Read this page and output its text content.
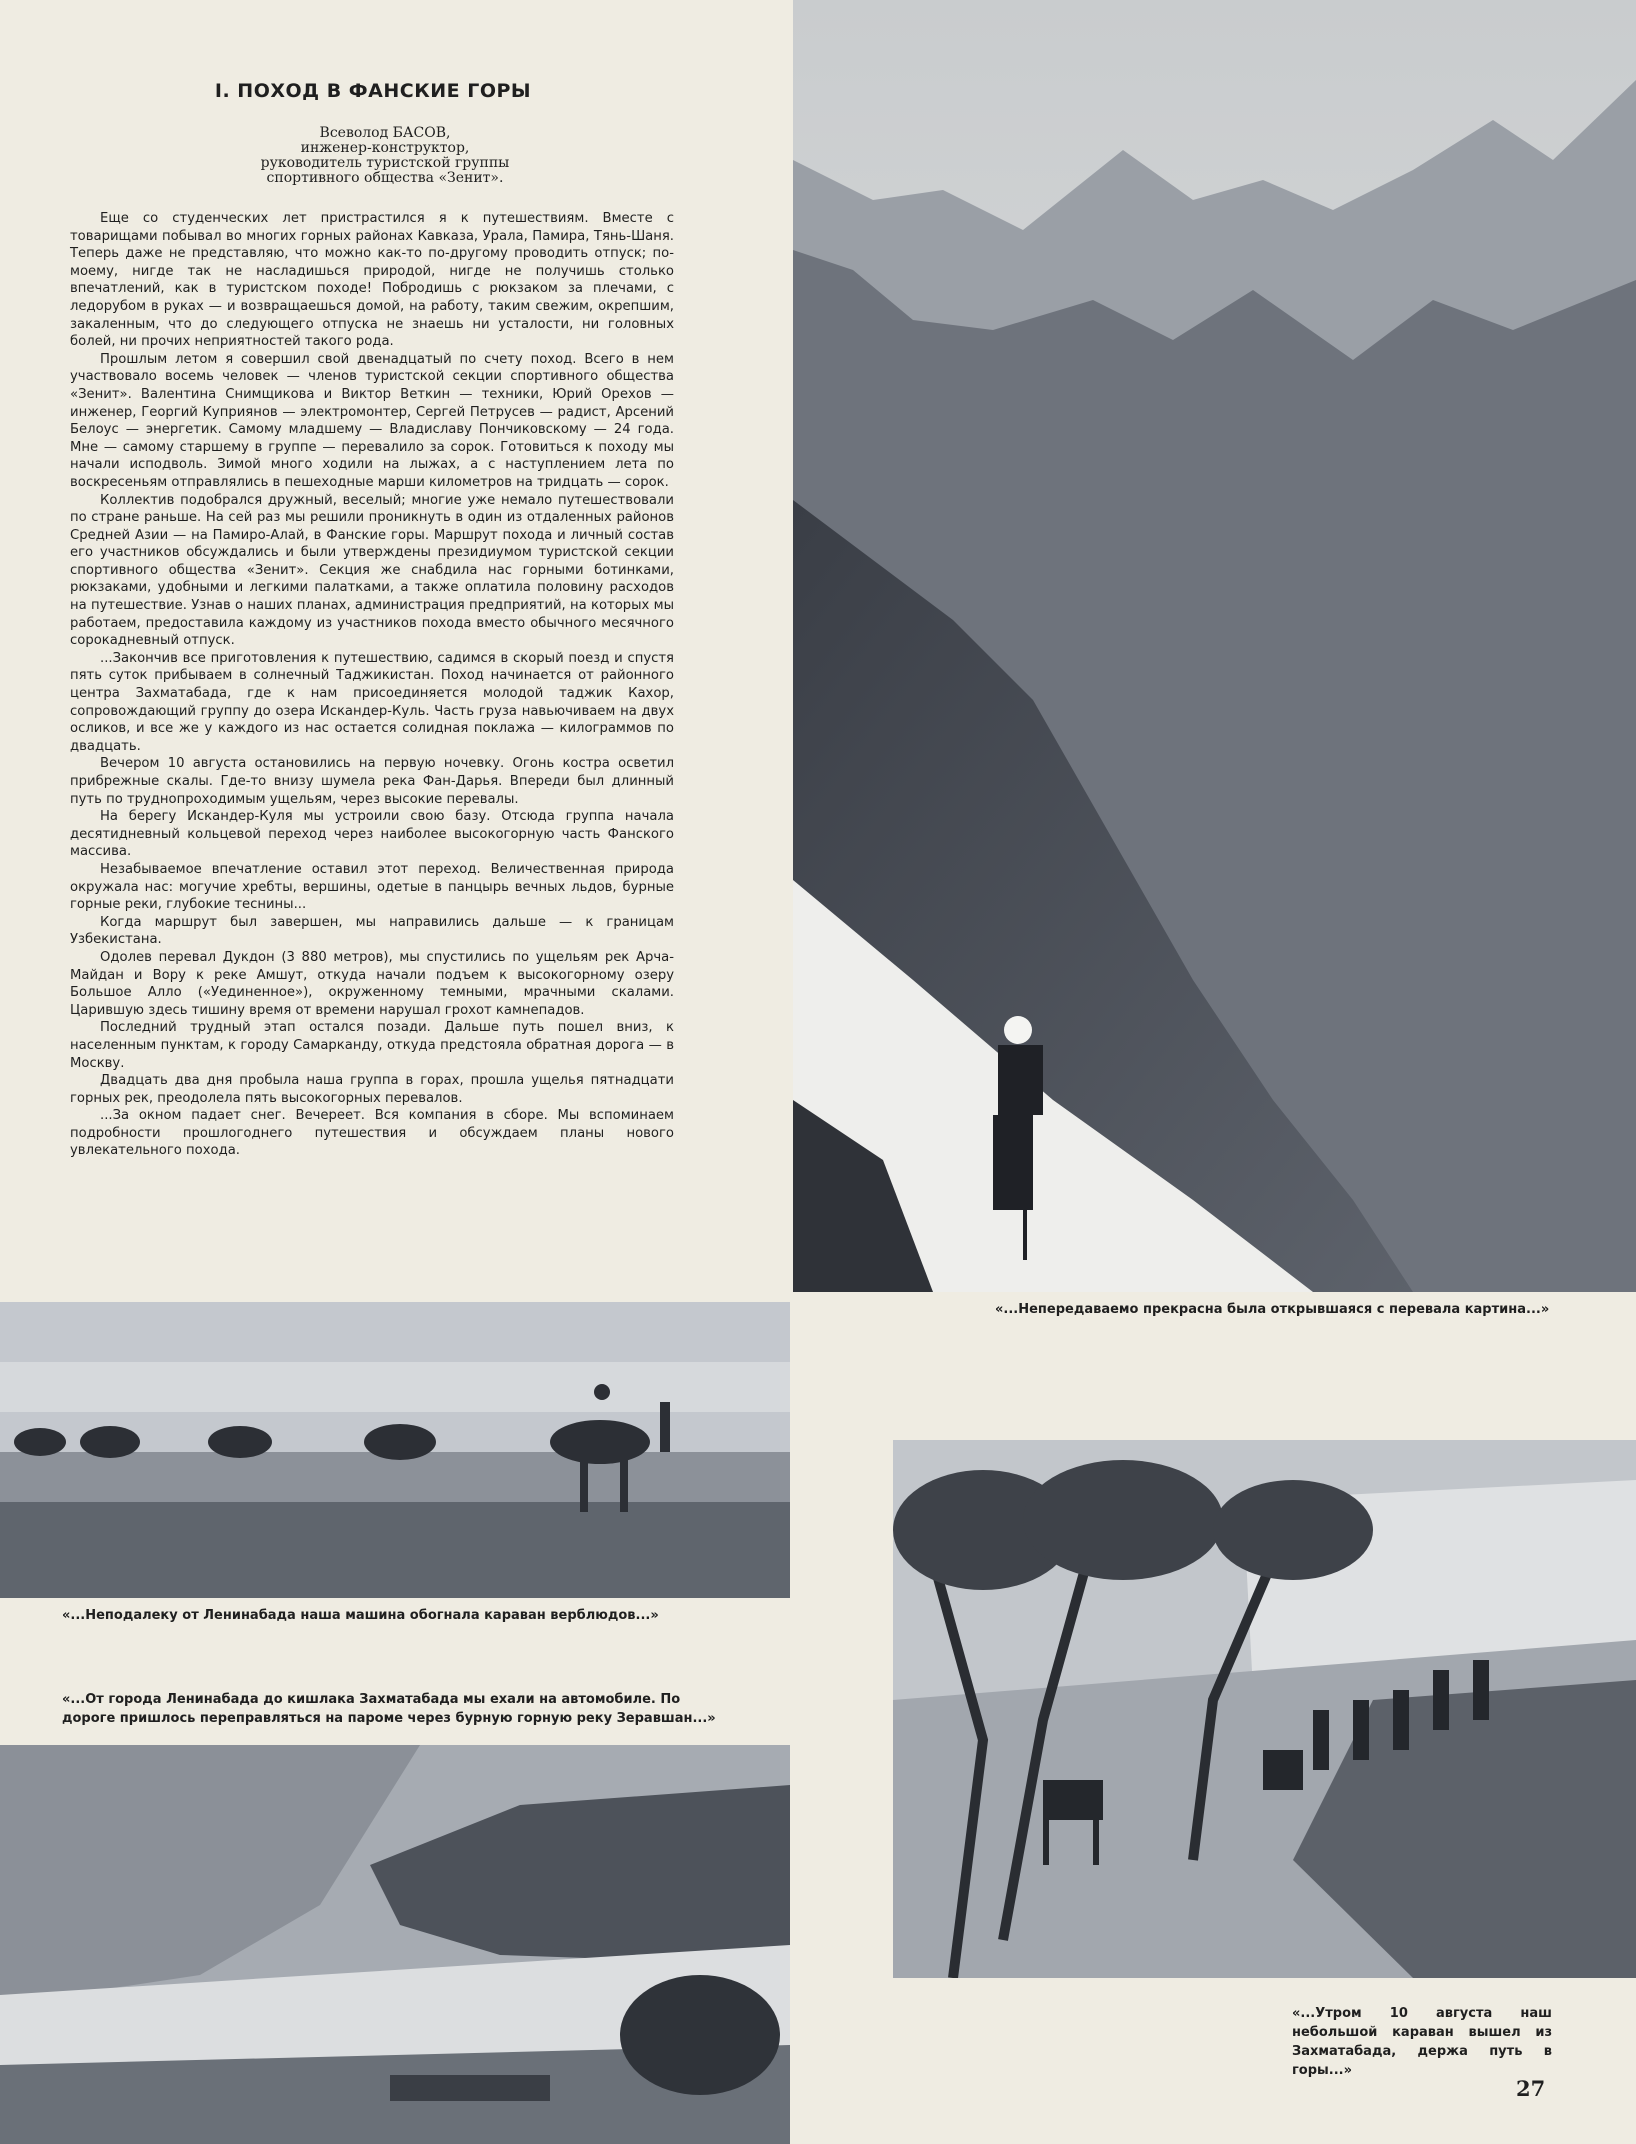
I. ПОХОД В ФАНСКИЕ ГОРЫ
Всеволод БАСОВ,
инженер-конструктор,
руководитель туристской группы
спортивного общества «Зенит».

Еще со студенческих лет пристрастился я к путешествиям. Вместе с товарищами побывал во многих горных районах Кавказа, Урала, Памира, Тянь-Шаня. Теперь даже не представляю, что можно как-то по-другому проводить отпуск; по-моему, нигде так не насладишься природой, нигде не получишь столько впечатлений, как в туристском походе! Побродишь с рюкзаком за плечами, с ледорубом в руках — и возвращаешься домой, на работу, таким свежим, окрепшим, закаленным, что до следующего отпуска не знаешь ни усталости, ни головных болей, ни прочих неприятностей такого рода.

Прошлым летом я совершил свой двенадцатый по счету поход. Всего в нем участвовало восемь человек — членов туристской секции спортивного общества «Зенит». Валентина Снимщикова и Виктор Веткин — техники, Юрий Орехов — инженер, Георгий Куприянов — электромонтер, Сергей Петрусев — радист, Арсений Белоус — энергетик. Самому младшему — Владиславу Пончиковскому — 24 года. Мне — самому старшему в группе — перевалило за сорок. Готовиться к походу мы начали исподволь. Зимой много ходили на лыжах, а с наступлением лета по воскресеньям отправлялись в пешеходные марши километров на тридцать — сорок.

Коллектив подобрался дружный, веселый; многие уже немало путешествовали по стране раньше. На сей раз мы решили проникнуть в один из отдаленных районов Средней Азии — на Памиро-Алай, в Фанские горы. Маршрут похода и личный состав его участников обсуждались и были утверждены президиумом туристской секции спортивного общества «Зенит». Секция же снабдила нас горными ботинками, рюкзаками, удобными и легкими палатками, а также оплатила половину расходов на путешествие. Узнав о наших планах, администрация предприятий, на которых мы работаем, предоставила каждому из участников похода вместо обычного месячного сорокадневный отпуск.

...Закончив все приготовления к путешествию, садимся в скорый поезд и спустя пять суток прибываем в солнечный Таджикистан. Поход начинается от районного центра Захматабада, где к нам присоединяется молодой таджик Кахор, сопровождающий группу до озера Искандер-Куль. Часть груза навьючиваем на двух осликов, и все же у каждого из нас остается солидная поклажа — килограммов по двадцать.

Вечером 10 августа остановились на первую ночевку. Огонь костра осветил прибрежные скалы. Где-то внизу шумела река Фан-Дарья. Впереди был длинный путь по труднопроходимым ущельям, через высокие перевалы.

На берегу Искандер-Куля мы устроили свою базу. Отсюда группа начала десятидневный кольцевой переход через наиболее высокогорную часть Фанского массива.

Незабываемое впечатление оставил этот переход. Величественная природа окружала нас: могучие хребты, вершины, одетые в панцырь вечных льдов, бурные горные реки, глубокие теснины...

Когда маршрут был завершен, мы направились дальше — к границам Узбекистана.

Одолев перевал Дукдон (3 880 метров), мы спустились по ущельям рек Арча-Майдан и Вору к реке Амшут, откуда начали подъем к высокогорному озеру Большое Алло («Уединенное»), окруженному темными, мрачными скалами. Царившую здесь тишину время от времени нарушал грохот камнепадов.

Последний трудный этап остался позади. Дальше путь пошел вниз, к населенным пунктам, к городу Самарканду, откуда предстояла обратная дорога — в Москву.

Двадцать два дня пробыла наша группа в горах, прошла ущелья пятнадцати горных рек, преодолела пять высокогорных перевалов.

...За окном падает снег. Вечереет. Вся компания в сборе. Мы вспоминаем подробности прошлогоднего путешествия и обсуждаем планы нового увлекательного похода.

«...Непередаваемо прекрасна была открывшаяся с перевала картина...»
«...Неподалеку от Ленинабада наша машина обогнала караван верблюдов...»
«...От города Ленинабада до кишлака Захматабада мы ехали на автомобиле. По дороге пришлось переправляться на пароме через бурную горную реку Зеравшан...»
«...Утром 10 августа наш небольшой караван вышел из Захматабада, держа путь в горы...»
27
